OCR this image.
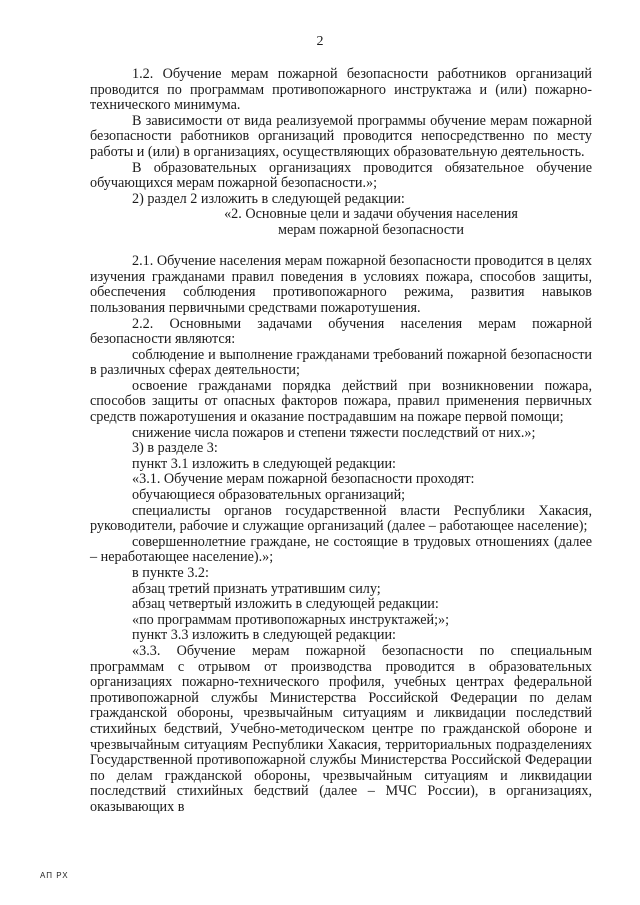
2

1.2. Обучение мерам пожарной безопасности работников организаций проводится по программам противопожарного инструктажа и (или) пожарно-технического минимума.

В зависимости от вида реализуемой программы обучение мерам пожарной безопасности работников организаций проводится непосредственно по месту работы и (или) в организациях, осуществляющих образовательную деятельность.

В образовательных организациях проводится обязательное обучение обучающихся мерам пожарной безопасности.»;

2) раздел 2 изложить в следующей редакции:

«2. Основные цели и задачи обучения населения
мерам пожарной безопасности

2.1. Обучение населения мерам пожарной безопасности проводится в целях изучения гражданами правил поведения в условиях пожара, способов защиты, обеспечения соблюдения противопожарного режима, развития навыков пользования первичными средствами пожаротушения.

2.2. Основными задачами обучения населения мерам пожарной безопасности являются:

соблюдение и выполнение гражданами требований пожарной безопасности в различных сферах деятельности;

освоение гражданами порядка действий при возникновении пожара, способов защиты от опасных факторов пожара, правил применения первичных средств пожаротушения и оказание пострадавшим на пожаре первой помощи;

снижение числа пожаров и степени тяжести последствий от них.»;

3) в разделе 3:

пункт 3.1 изложить в следующей редакции:

«3.1. Обучение мерам пожарной безопасности проходят:

обучающиеся образовательных организаций;

специалисты органов государственной власти Республики Хакасия, руководители, рабочие и служащие организаций (далее – работающее население);

совершеннолетние граждане, не состоящие в трудовых отношениях (далее – неработающее население).»;

в пункте 3.2:

абзац третий признать утратившим силу;

абзац четвертый изложить в следующей редакции:

«по программам противопожарных инструктажей;»;

пункт 3.3 изложить в следующей редакции:

«3.3. Обучение мерам пожарной безопасности по специальным программам с отрывом от производства проводится в образовательных организациях пожарно-технического профиля, учебных центрах федеральной противопожарной службы Министерства Российской Федерации по делам гражданской обороны, чрезвычайным ситуациям и ликвидации последствий стихийных бедствий, Учебно-методическом центре по гражданской обороне и чрезвычайным ситуациям Республики Хакасия, территориальных подразделениях Государственной противопожарной службы Министерства Российской Федерации по делам гражданской обороны, чрезвычайным ситуациям и ликвидации последствий стихийных бедствий (далее – МЧС России), в организациях, оказывающих в

АП РХ
